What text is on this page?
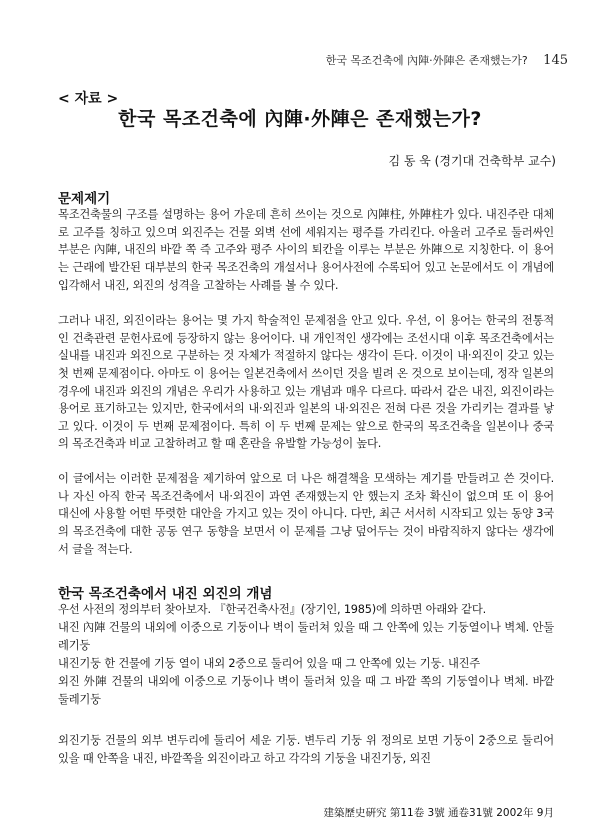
한국 목조건축에 內陣·外陣은 존재했는가? 145
< 자료 >
한국 목조건축에 內陣·外陣은 존재했는가?
김 동 욱 (경기대 건축학부 교수)
문제제기

목조건축물의 구조를 설명하는 용어 가운데 흔히 쓰이는 것으로 內陣柱, 外陣柱가 있다. 내진주란 대체로 고주를 칭하고 있으며 외진주는 건물 외벽 선에 세워지는 평주를 가리킨다. 아울러 고주로 둘러싸인 부분은 內陣, 내진의 바깥 쪽 즉 고주와 평주 사이의 퇴칸을 이루는 부분은 外陣으로 지칭한다. 이 용어는 근래에 발간된 대부분의 한국 목조건축의 개설서나 용어사전에 수록되어 있고 논문에서도 이 개념에 입각해서 내진, 외진의 성격을 고찰하는 사례를 볼 수 있다.

그러나 내진, 외진이라는 용어는 몇 가지 학술적인 문제점을 안고 있다. 우선, 이 용어는 한국의 전통적인 건축관련 문헌사료에 등장하지 않는 용어이다. 내 개인적인 생각에는 조선시대 이후 목조건축에서는 실내를 내진과 외진으로 구분하는 것 자체가 적절하지 않다는 생각이 든다. 이것이 내·외진이 갖고 있는 첫 번째 문제점이다. 아마도 이 용어는 일본건축에서 쓰이던 것을 빌려 온 것으로 보이는데, 정작 일본의 경우에 내진과 외진의 개념은 우리가 사용하고 있는 개념과 매우 다르다. 따라서 같은 내진, 외진이라는 용어로 표기하고는 있지만, 한국에서의 내·외진과 일본의 내·외진은 전혀 다른 것을 가리키는 결과를 낳고 있다. 이것이 두 번째 문제점이다. 특히 이 두 번째 문제는 앞으로 한국의 목조건축을 일본이나 중국의 목조건축과 비교 고찰하려고 할 때 혼란을 유발할 가능성이 높다.

이 글에서는 이러한 문제점을 제기하여 앞으로 더 나은 해결책을 모색하는 계기를 만들려고 쓴 것이다. 나 자신 아직 한국 목조건축에서 내·외진이 과연 존재했는지 안 했는지 조차 확신이 없으며 또 이 용어 대신에 사용할 어떤 뚜렷한 대안을 가지고 있는 것이 아니다. 다만, 최근 서서히 시작되고 있는 동양 3국의 목조건축에 대한 공동 연구 동향을 보면서 이 문제를 그냥 덮어두는 것이 바람직하지 않다는 생각에서 글을 적는다.

한국 목조건축에서 내진 외진의 개념

우선 사전의 정의부터 찾아보자. 『한국건축사전』(장기인, 1985)에 의하면 아래와 같다.

내진 內陣 건물의 내외에 이중으로 기둥이나 벽이 둘러쳐 있을 때 그 안쪽에 있는 기둥열이나 벽체. 안둘레기둥

내진기둥 한 건물에 기둥 열이 내외 2중으로 둘리어 있을 때 그 안쪽에 있는 기둥. 내진주

외진 外陣 건물의 내외에 이중으로 기둥이나 벽이 둘러쳐 있을 때 그 바깥 쪽의 기둥열이나 벽체. 바깥 둘레기둥

외진기둥 건물의 외부 변두리에 둘리어 세운 기둥. 변두리 기둥 위 정의로 보면 기둥이 2중으로 둘리어 있을 때 안쪽을 내진, 바깥쪽을 외진이라고 하고 각각의 기둥을 내진기둥, 외진

建築歷史硏究 第11卷 3號 通卷31號 2002年 9月
